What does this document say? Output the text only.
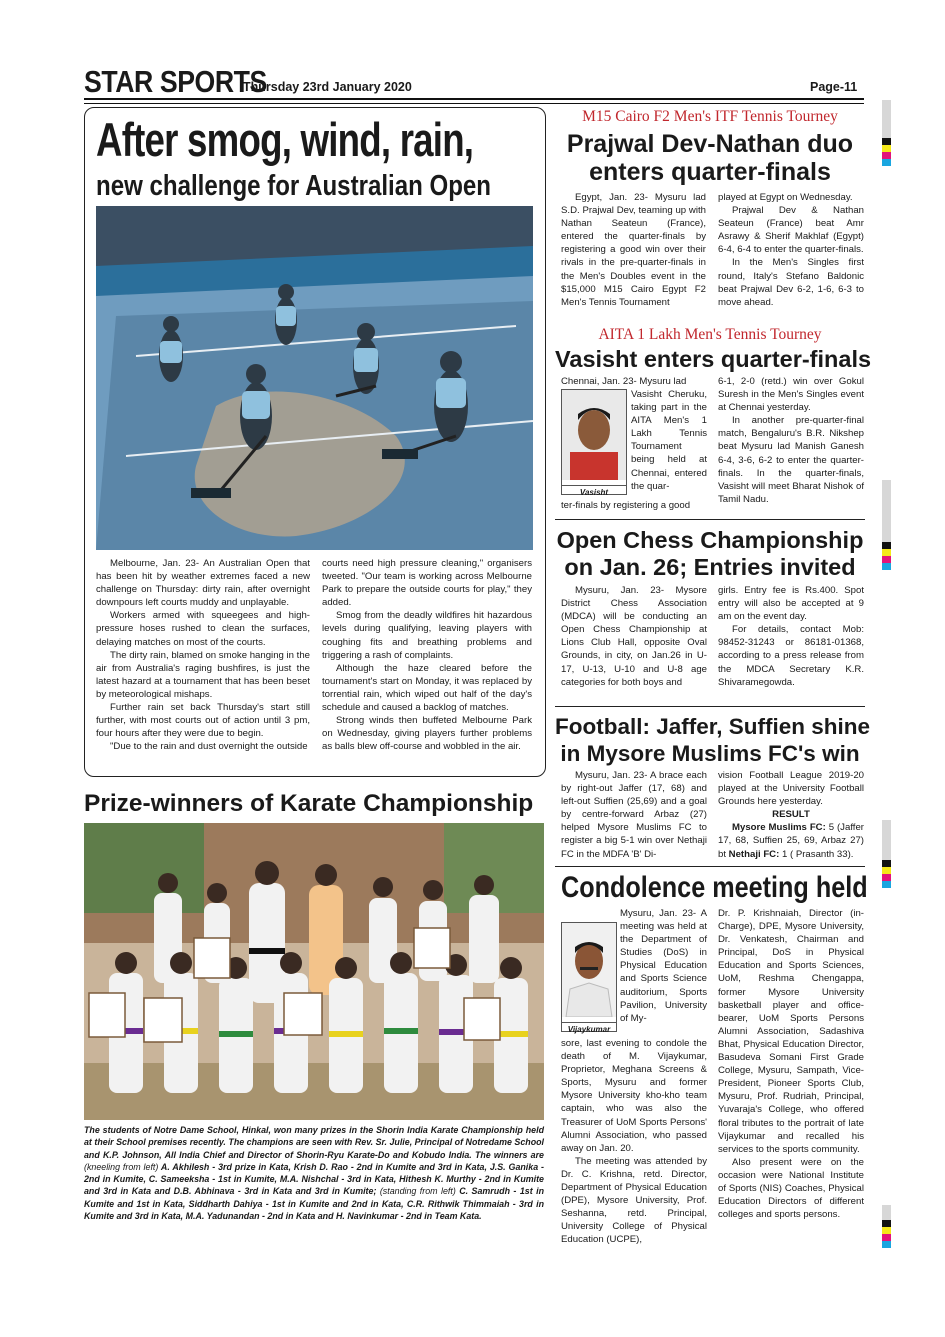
STAR SPORTS
Thursday 23rd January 2020	Page-11
After smog, wind, rain,
new challenge for Australian Open

Melbourne, Jan. 23- An Australian Open that has been hit by weather extremes faced a new challenge on Thursday: dirty rain, after overnight downpours left courts muddy and unplayable.

Workers armed with squeegees and high-pressure hoses rushed to clean the surfaces, delaying matches on most of the courts.

The dirty rain, blamed on smoke hanging in the air from Australia's raging bushfires, is just the latest hazard at a tournament that has been beset by meteorological mishaps.

Further rain set back Thursday's start still further, with most courts out of action until 3 pm, four hours after they were due to begin.

"Due to the rain and dust overnight the outside

courts need high pressure cleaning," organisers tweeted. "Our team is working across Melbourne Park to prepare the outside courts for play," they added.

Smog from the deadly wildfires hit hazardous levels during qualifying, leaving players with coughing fits and breathing problems and triggering a rash of complaints.

Although the haze cleared before the tournament's start on Monday, it was replaced by torrential rain, which wiped out half of the day's schedule and caused a backlog of matches.

Strong winds then buffeted Melbourne Park on Wednesday, giving players further problems as balls blew off-course and wobbled in the air.

Prize-winners of Karate Championship
The students of Notre Dame School, Hinkal, won many prizes in the Shorin India Karate Championship held at their School premises recently. The champions are seen with Rev. Sr. Julie, Principal of Notredame School and K.P. Johnson, All India Chief and Director of Shorin-Ryu Karate-Do and Kobudo India. The winners are (kneeling from left) A. Akhilesh - 3rd prize in Kata, Krish D. Rao - 2nd in Kumite and 3rd in Kata, J.S. Ganika - 2nd in Kumite, C. Sameeksha - 1st in Kumite, M.A. Nishchal - 3rd in Kata, Hithesh K. Murthy - 2nd in Kumite and 3rd in Kata and D.B. Abhinava - 3rd in Kata and 3rd in Kumite; (standing from left) C. Samrudh - 1st in Kumite and 1st in Kata, Siddharth Dahiya - 1st in Kumite and 2nd in Kata, C.R. Rithwik Thimmaiah - 3rd in Kumite and 3rd in Kata, M.A. Yadunandan - 2nd in Kata and H. Navinkumar - 2nd in Team Kata.
M15 Cairo F2 Men's ITF Tennis Tourney
Prajwal Dev-Nathan duo
enters quarter-finals

Egypt, Jan. 23- Mysuru lad S.D. Prajwal Dev, teaming up with Nathan Seateun (France), entered the quarter-finals by registering a good win over their rivals in the pre-quarter-finals in the Men's Doubles event in the $15,000 M15 Cairo Egypt F2 Men's Tennis Tournament

played at Egypt on Wednesday.

Prajwal Dev & Nathan Seateun (France) beat Amr Asrawy & Sherif Makhlaf (Egypt) 6-4, 6-4 to enter the quarter-finals.

In the Men's Singles first round, Italy's Stefano Baldonic beat Prajwal Dev 6-2, 1-6, 6-3 to move ahead.

AITA 1 Lakh Men's Tennis Tourney
Vasisht enters quarter-finals
Chennai, Jan. 23- Mysuru lad
Vasisht
Vasisht Cheruku, taking part in the AITA Men's 1 Lakh Tennis Tournament being held at Chennai, entered the quar-
ter-finals by registering a good

6-1, 2-0 (retd.) win over Gokul Suresh in the Men's Singles event at Chennai yesterday.

In another pre-quarter-final match, Bengaluru's B.R. Nikshep beat Mysuru lad Manish Ganesh 6-4, 3-6, 6-2 to enter the quarter-finals. In the quarter-finals, Vasisht will meet Bharat Nishok of Tamil Nadu.

Open Chess Championship
on Jan. 26; Entries invited

Mysuru, Jan. 23- Mysore District Chess Association (MDCA) will be conducting an Open Chess Championship at Lions Club Hall, opposite Oval Grounds, in city, on Jan.26 in U-17, U-13, U-10 and U-8 age categories for both boys and

girls. Entry fee is Rs.400. Spot entry will also be accepted at 9 am on the event day.

For details, contact Mob: 98452-31243 or 86181-01368, according to a press release from the MDCA Secretary K.R. Shivaramegowda.

Football: Jaffer, Suffien shine
in Mysore Muslims FC's win

Mysuru, Jan. 23- A brace each by right-out Jaffer (17, 68) and left-out Suffien (25,69) and a goal by centre-forward Arbaz (27) helped Mysore Muslims FC to register a big 5-1 win over Nethaji FC in the MDFA 'B' Di-

vision Football League 2019-20 played at the University Football Grounds here yesterday.

RESULT

Mysore Muslims FC: 5 (Jaffer 17, 68, Suffien 25, 69, Arbaz 27) bt Nethaji FC: 1 ( Prasanth 33).

Condolence meeting held
Mysuru, Jan. 23- A meeting was held at the Department of Studies (DoS) in Physical Education and Sports Science auditorium, Sports Pavilion, University of My-
Vijaykumar

sore, last evening to condole the death of M. Vijaykumar, Proprietor, Meghana Screens & Sports, Mysuru and former Mysore University kho-kho team captain, who was also the Treasurer of UoM Sports Persons' Alumni Association, who passed away on Jan. 20.

The meeting was attended by Dr. C. Krishna, retd. Director, Department of Physical Education (DPE), Mysore University, Prof. Seshanna, retd. Principal, University College of Physical Education (UCPE),

Dr. P. Krishnaiah, Director (in-Charge), DPE, Mysore University, Dr. Venkatesh, Chairman and Principal, DoS in Physical Education and Sports Sciences, UoM, Reshma Chengappa, former Mysore University basketball player and office-bearer, UoM Sports Persons Alumni Association, Sadashiva Bhat, Physical Education Director, Basudeva Somani First Grade College, Mysuru, Sampath, Vice-President, Pioneer Sports Club, Mysuru, Prof. Rudriah, Principal, Yuvaraja's College, who offered floral tributes to the portrait of late Vijaykumar and recalled his services to the sports community.

Also present were on the occasion were National Institute of Sports (NIS) Coaches, Physical Education Directors of different colleges and sports persons.
